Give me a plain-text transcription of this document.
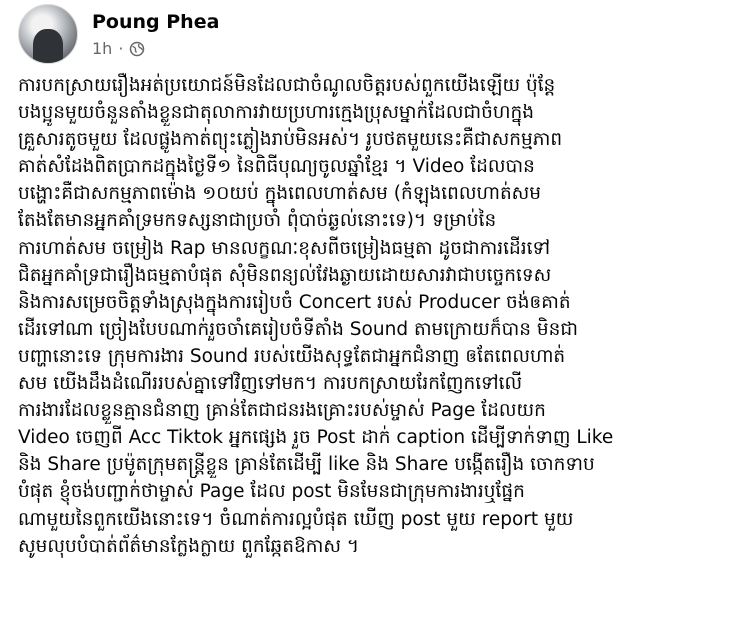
Poung Phea
1h ·
ការបកស្រាយរឿងអត់ប្រយោជន៍មិនដែលជាចំណូលចិត្តរបស់ពួកយើងឡើយ ប៉ុន្តែ
បងប្អូនមួយចំនួនតាំងខ្លួនជាតុលាការវាយប្រហារក្មេងប្រុសម្នាក់ដែលជាចំហក្នុង
គ្រួសារតូចមួយ ដែលផ្លូងកាត់ព្យុះភ្លៀងរាប់មិនអស់។ រូបថតមួយនេះគឺជាសកម្មភាព
គាត់សំដែងពិតប្រាកដក្នុងថ្ងៃទី១ នៃពិធីបុណ្យចូលឆ្នាំខ្មែរ ។ Video ដែលបាន
បង្ហោះគឺជាសកម្មភាពម៉ោង ១០យប់ ក្នុងពេលហាត់សម (កំឡុងពេលហាត់សម
តែងតែមានអ្នកគាំទ្រមកទស្សនាជាប្រចាំ ពុំបាច់ឆ្ងល់នោះទេ)។ ទម្រាប់នៃ
ការហាត់សម ចម្រៀង Rap មានលក្ខណៈខុសពីចម្រៀងធម្មតា ដូចជាការដើរទៅ
ជិតអ្នកគាំទ្រជារឿងធម្មតាបំផុត សុំមិនពន្យល់វែងឆ្ងាយដោយសារវាជាបច្ចេកទេស
និងការសម្រេចចិត្តទាំងស្រុងក្នុងការរៀបចំ Concert របស់ Producer ចង់ឲគាត់
ដើរទៅណា ច្រៀងបែបណាក់រួចចាំគេរៀបចំទីតាំង Sound តាមក្រោយក៏បាន មិនជា
បញ្ហានោះទេ ក្រុមការងារ Sound របស់យើងសុទ្ធតែជាអ្នកជំនាញ ឲតែពេលហាត់
សម យើងដឹងដំណើររបស់គ្នាទៅវិញទៅមក។ ការបកស្រាយរែកញែកទៅលើ
ការងារដែលខ្លួនគ្មានជំនាញ គ្រាន់តែជាជនរងគ្រោះរបស់ម្ចាស់ Page ដែលយក
Video ចេញពី Acc Tiktok អ្នកផ្សេង រួច Post ដាក់ caption ដើម្បីទាក់ទាញ Like
និង Share ប្រម៉ូតក្រុមតន្ត្រីខ្លួន គ្រាន់តែដើម្បី like និង Share បង្កើតរឿង ចោកទាប
បំផុត ខ្ញុំចង់បញ្ជាក់ថាម្ចាស់ Page ដែល post មិនមែនជាក្រុមការងារឬផ្នែក
ណាមួយនៃពួកយើងនោះទេ។ ចំណាត់ការល្អបំផុត ឃើញ post មួយ report មួយ
សូមលុបបំបាត់ព័ត៌មានក្លែងក្លាយ ពួកឆ្កែតឱកាស ។
